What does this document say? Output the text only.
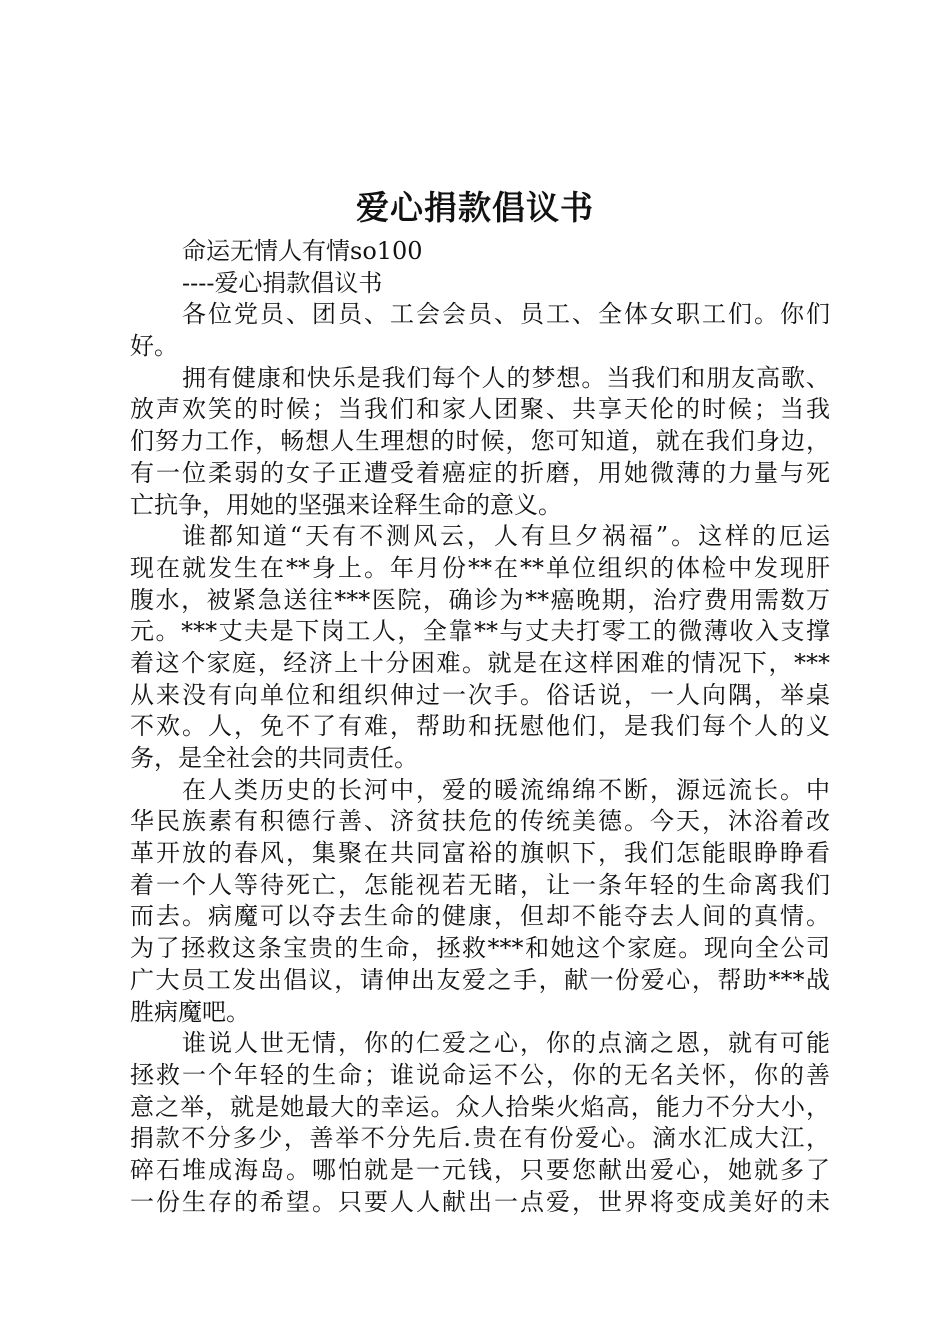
爱心捐款倡议书
命运无情人有情so100
----爱心捐款倡议书
各位党员、团员、工会会员、员工、全体女职工们。你们
好。
拥有健康和快乐是我们每个人的梦想。当我们和朋友高歌、
放声欢笑的时候；当我们和家人团聚、共享天伦的时候；当我
们努力工作，畅想人生理想的时候，您可知道，就在我们身边，
有一位柔弱的女子正遭受着癌症的折磨，用她微薄的力量与死
亡抗争，用她的坚强来诠释生命的意义。
谁都知道“天有不测风云，人有旦夕祸福”。这样的厄运
现在就发生在**身上。年月份**在**单位组织的体检中发现肝
腹水，被紧急送往***医院，确诊为**癌晚期，治疗费用需数万
元。***丈夫是下岗工人，全靠**与丈夫打零工的微薄收入支撑
着这个家庭，经济上十分困难。就是在这样困难的情况下，***
从来没有向单位和组织伸过一次手。俗话说，一人向隅，举桌
不欢。人，免不了有难，帮助和抚慰他们，是我们每个人的义
务，是全社会的共同责任。
在人类历史的长河中，爱的暖流绵绵不断，源远流长。中
华民族素有积德行善、济贫扶危的传统美德。今天，沐浴着改
革开放的春风，集聚在共同富裕的旗帜下，我们怎能眼睁睁看
着一个人等待死亡，怎能视若无睹，让一条年轻的生命离我们
而去。病魔可以夺去生命的健康，但却不能夺去人间的真情。
为了拯救这条宝贵的生命，拯救***和她这个家庭。现向全公司
广大员工发出倡议，请伸出友爱之手，献一份爱心，帮助***战
胜病魔吧。
谁说人世无情，你的仁爱之心，你的点滴之恩，就有可能
拯救一个年轻的生命；谁说命运不公，你的无名关怀，你的善
意之举，就是她最大的幸运。众人拾柴火焰高，能力不分大小，
捐款不分多少，善举不分先后.贵在有份爱心。滴水汇成大江，
碎石堆成海岛。哪怕就是一元钱，只要您献出爱心，她就多了
一份生存的希望。只要人人献出一点爱，世界将变成美好的未
